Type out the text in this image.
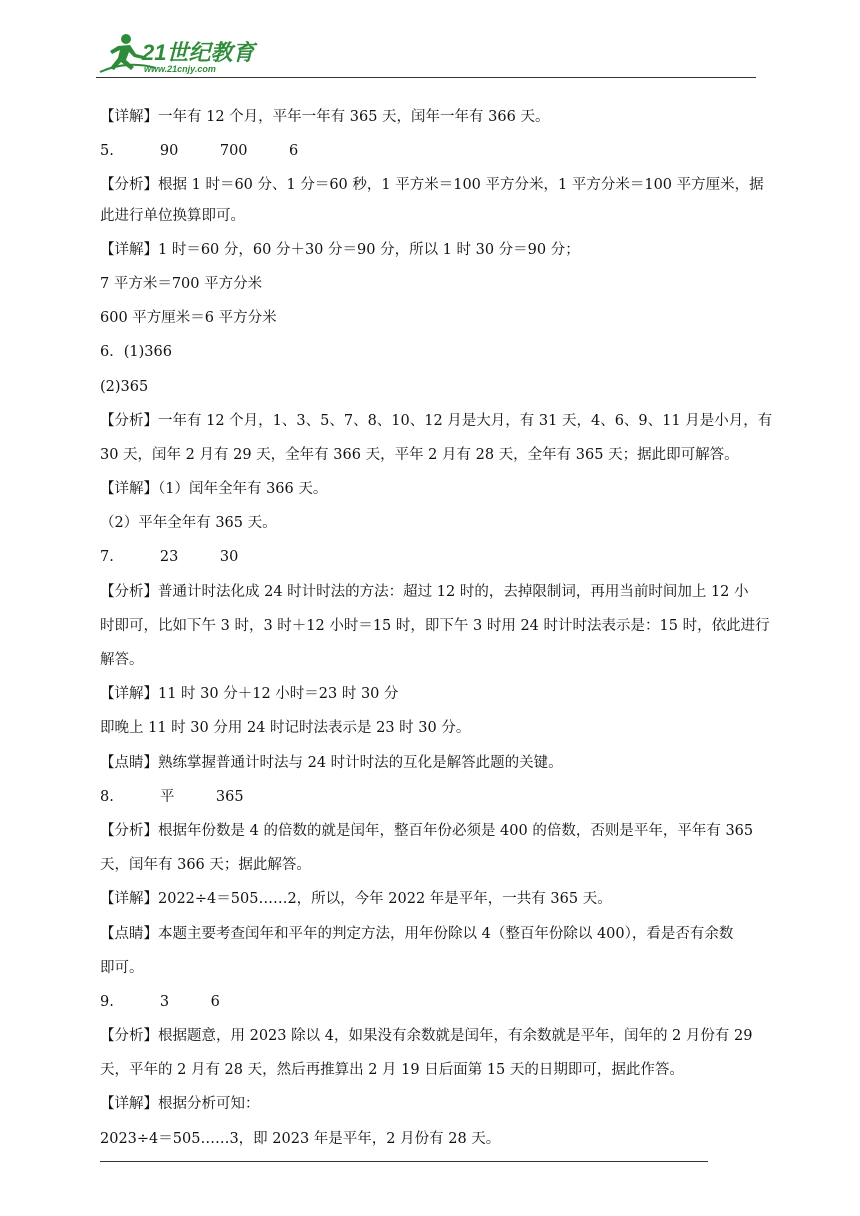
21世纪教育
www.21cnjy.com
【详解】一年有 12 个月，平年一年有 365 天，闰年一年有 366 天。
5.          90         700         6
【分析】根据 1 时＝60 分、1 分＝60 秒，1 平方米＝100 平方分米，1 平方分米＝100 平方厘米，据
此进行单位换算即可。
【详解】1 时＝60 分，60 分＋30 分＝90 分，所以 1 时 30 分＝90 分；
7 平方米＝700 平方分米
600 平方厘米＝6 平方分米
6．(1)366
(2)365
【分析】一年有 12 个月，1、3、5、7、8、10、12 月是大月，有 31 天，4、6、9、11 月是小月，有
30 天，闰年 2 月有 29 天，全年有 366 天，平年 2 月有 28 天，全年有 365 天；据此即可解答。
【详解】（1）闰年全年有 366 天。
（2）平年全年有 365 天。
7.          23         30
【分析】普通计时法化成 24 时计时法的方法：超过 12 时的，去掉限制词，再用当前时间加上 12 小
时即可，比如下午 3 时，3 时＋12 小时＝15 时，即下午 3 时用 24 时计时法表示是：15 时，依此进行
解答。
【详解】11 时 30 分＋12 小时＝23 时 30 分
即晚上 11 时 30 分用 24 时记时法表示是 23 时 30 分。
【点睛】熟练掌握普通计时法与 24 时计时法的互化是解答此题的关键。
8.          平         365
【分析】根据年份数是 4 的倍数的就是闰年，整百年份必须是 400 的倍数，否则是平年，平年有 365
天，闰年有 366 天；据此解答。
【详解】2022÷4＝505……2，所以，今年 2022 年是平年，一共有 365 天。
【点睛】本题主要考查闰年和平年的判定方法，用年份除以 4（整百年份除以 400），看是否有余数
即可。
9.          3         6
【分析】根据题意，用 2023 除以 4，如果没有余数就是闰年，有余数就是平年，闰年的 2 月份有 29
天，平年的 2 月有 28 天，然后再推算出 2 月 19 日后面第 15 天的日期即可，据此作答。
【详解】根据分析可知：
2023÷4＝505……3，即 2023 年是平年，2 月份有 28 天。
